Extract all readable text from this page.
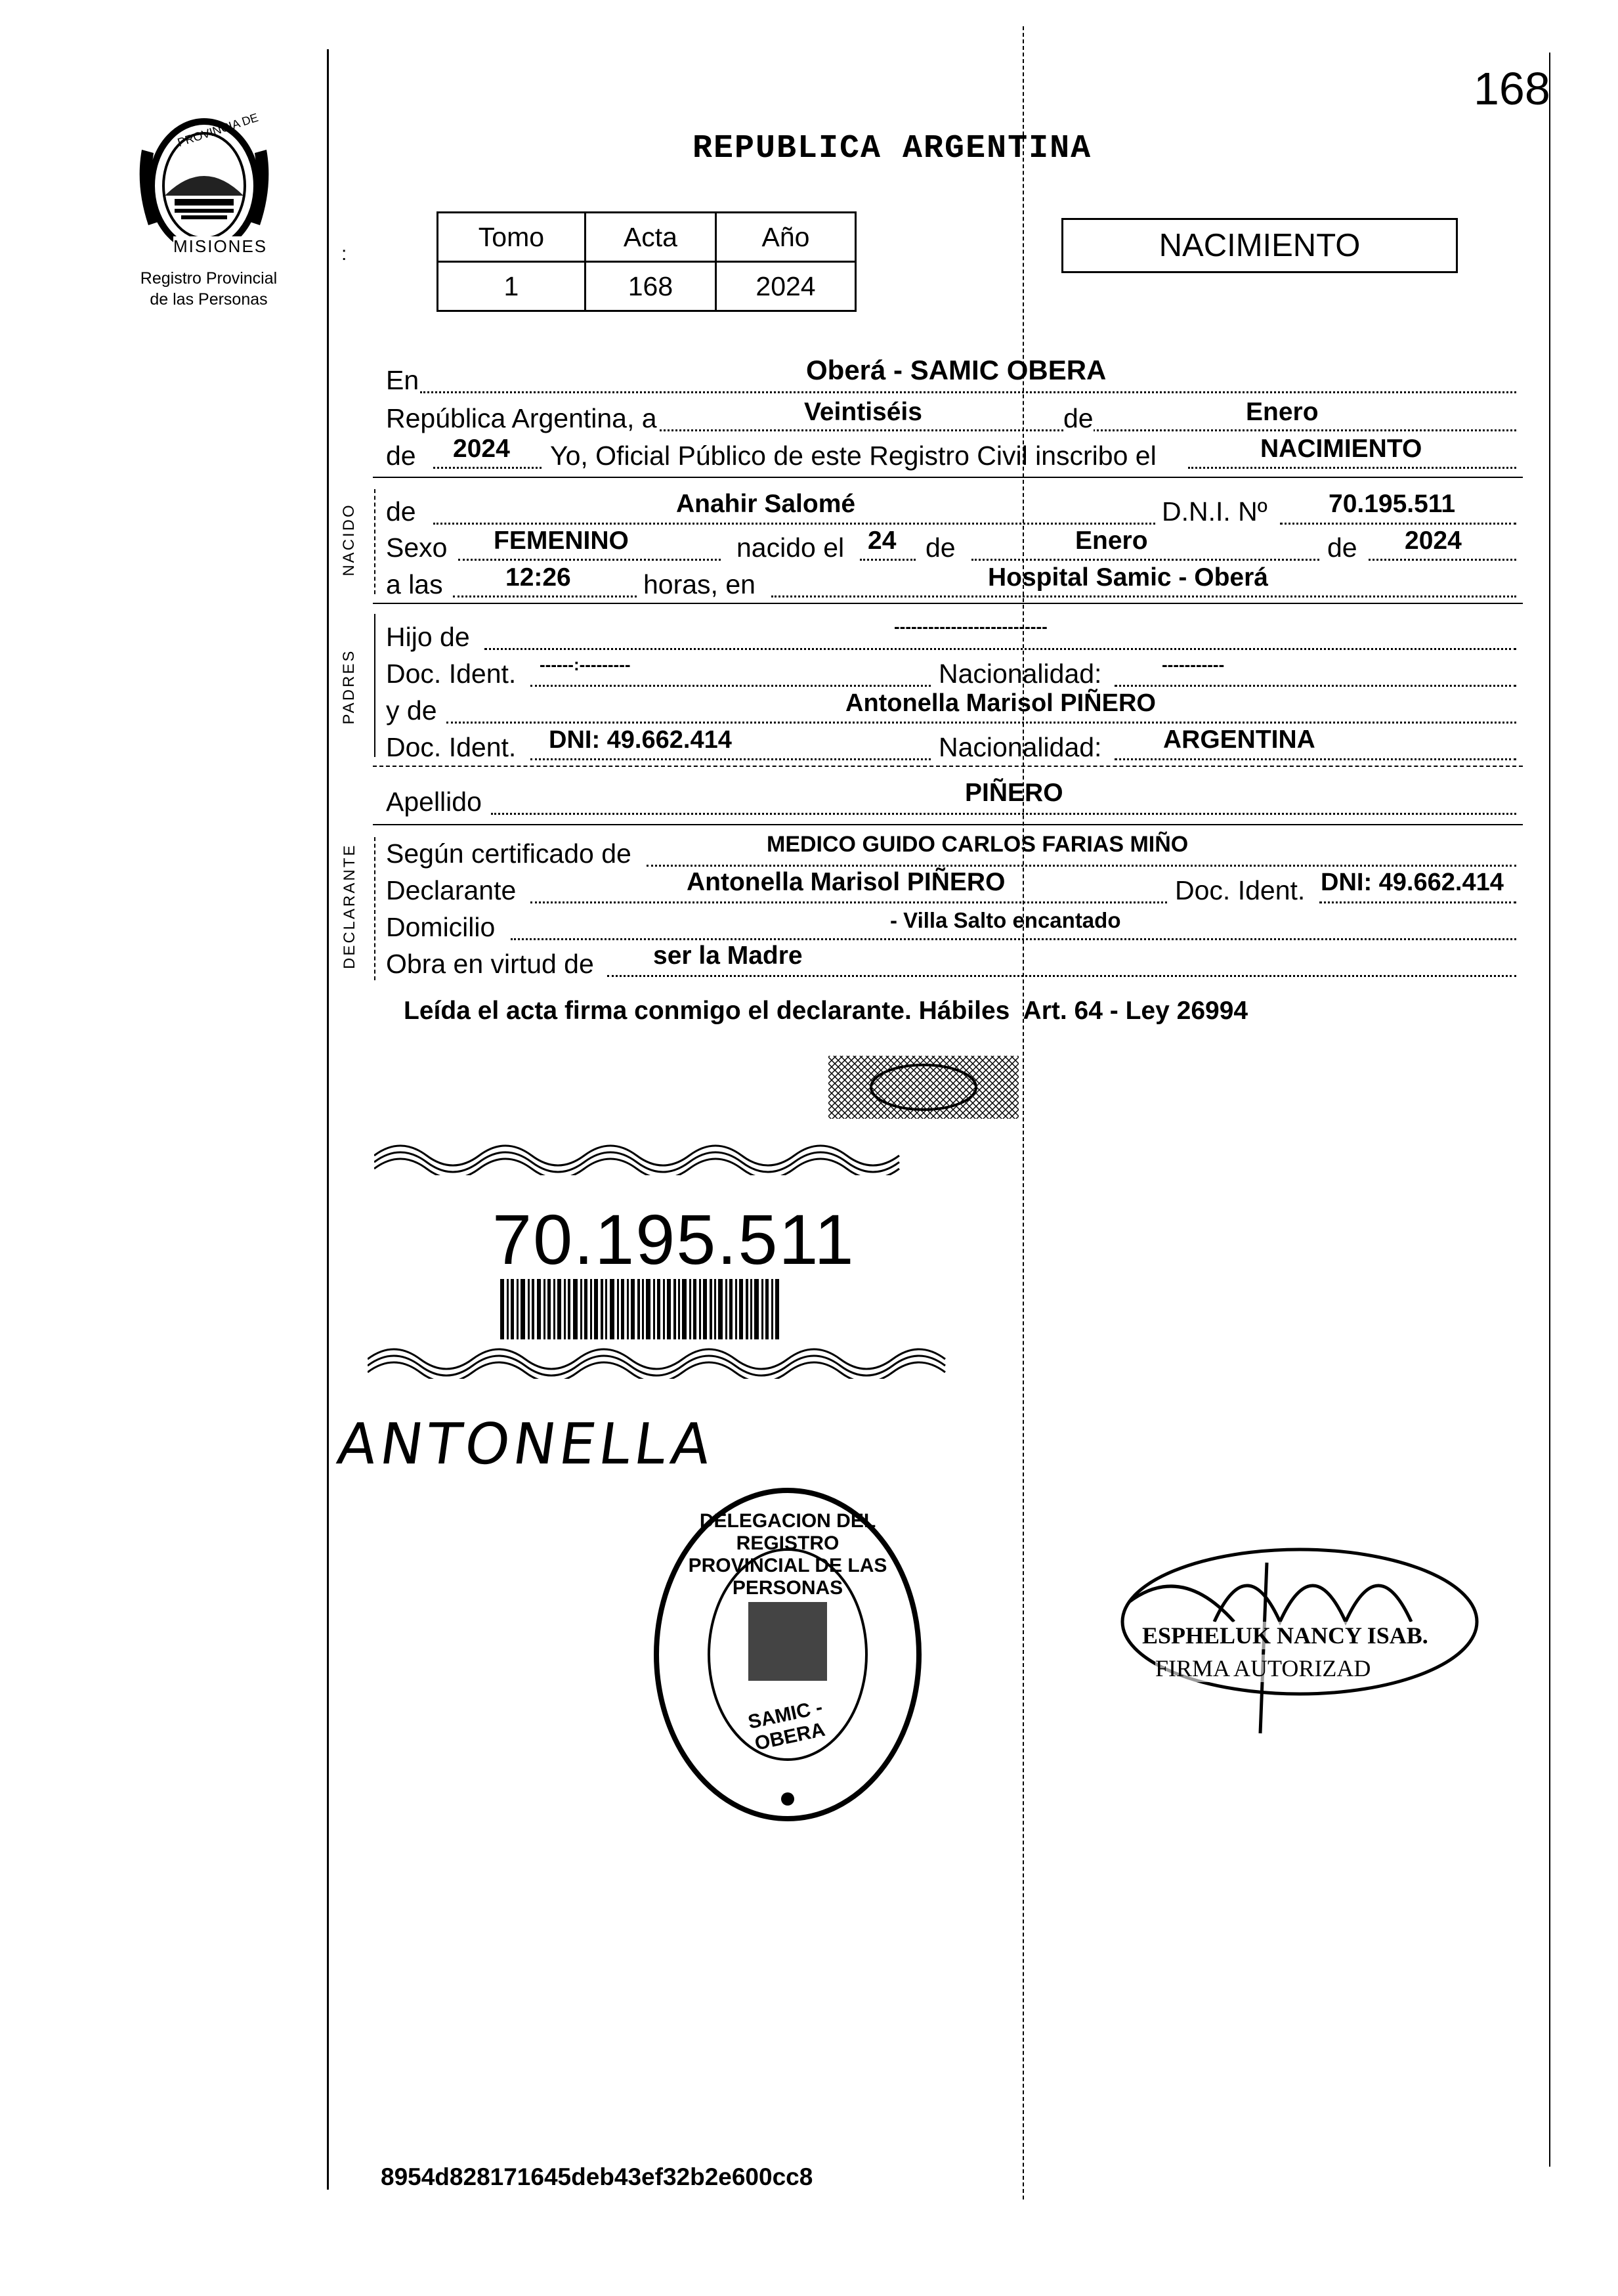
168
PROVINCIA DE
MISIONES
Registro Provincial
de las Personas
REPUBLICA ARGENTINA
Tomo	Acta	Año
1	168	2024
NACIMIENTO
:
En	Oberá - SAMIC OBERA
República Argentina, a	Veintiséis	de	Enero
de 2024 Yo, Oficial Público de este Registro Civil inscribo el	NACIMIENTO
NACIDO de	Anahir Salomé	D.N.I. Nº 70.195.511
Sexo FEMENINO	nacido el 24 de	Enero	de 2024
a las 12:26	horas, en	Hospital Samic - Oberá
PADRES
Hijo de	---------------------------
Doc. Ident. ------:---------	Nacionalidad:	-----------
y de	Antonella Marisol PIÑERO
Doc. Ident. DNI: 49.662.414	Nacionalidad: ARGENTINA
Apellido	PIÑERO
DECLARANTE Según certificado de	MEDICO GUIDO CARLOS FARIAS MIÑO
Declarante	Antonella Marisol PIÑERO	Doc. Ident. DNI: 49.662.414
Domicilio	- Villa Salto encantado
Obra en virtud de ser la Madre
Leída el acta firma conmigo el declarante. Hábiles  Art. 64 - Ley 26994
70.195.511
ANTONELLA
DELEGACION DEL REGISTRO PROVINCIAL DE LAS PERSONAS
SAMIC - OBERA
ESPHELUK NANCY ISAB.
FIRMA AUTORIZAD
8954d828171645deb43ef32b2e600cc8
